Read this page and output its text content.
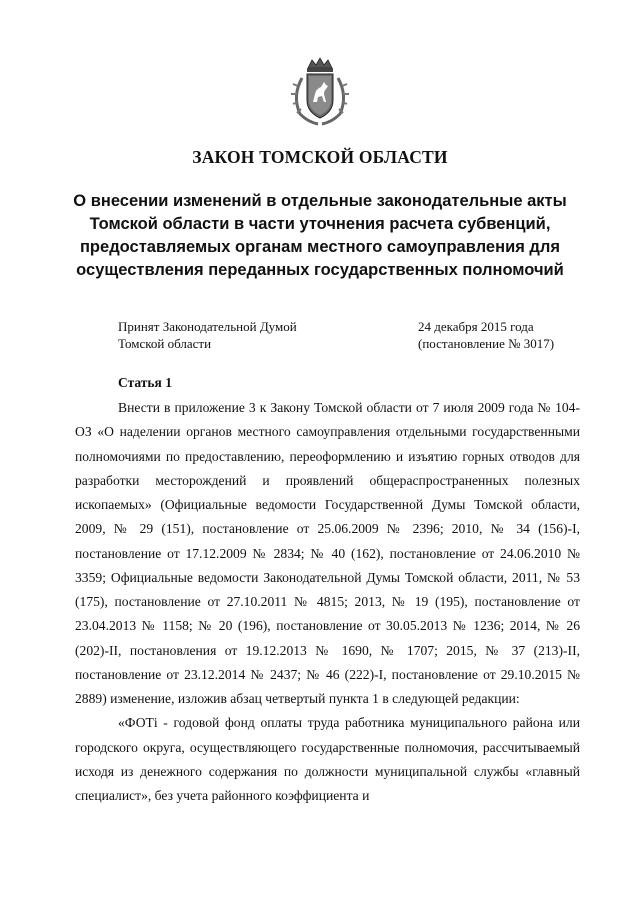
ЗАКОН ТОМСКОЙ ОБЛАСТИ
О внесении изменений в отдельные законодательные акты Томской области в части уточнения расчета субвенций, предоставляемых органам местного самоуправления для осуществления переданных государственных полномочий
Принят Законодательной Думой
Томской области
24 декабря 2015 года
(постановление № 3017)
Статья 1

Внести в приложение 3 к Закону Томской области от 7 июля 2009 года № 104-ОЗ «О наделении органов местного самоуправления отдельными государственными полномочиями по предоставлению, переоформлению и изъятию горных отводов для разработки месторождений и проявлений общераспространенных полезных ископаемых» (Официальные ведомости Государственной Думы Томской области, 2009, № 29 (151), постановление от 25.06.2009 № 2396; 2010, № 34 (156)-I, постановление от 17.12.2009 № 2834; № 40 (162), постановление от 24.06.2010 № 3359; Официальные ведомости Законодательной Думы Томской области, 2011, № 53 (175), постановление от 27.10.2011 № 4815; 2013, № 19 (195), постановление от 23.04.2013 № 1158; № 20 (196), постановление от 30.05.2013 № 1236; 2014, № 26 (202)-II, постановления от 19.12.2013 № 1690, № 1707; 2015, № 37 (213)-II, постановление от 23.12.2014 № 2437; № 46 (222)-I, постановление от 29.10.2015 № 2889) изменение, изложив абзац четвертый пункта 1 в следующей редакции:

«ФОТi - годовой фонд оплаты труда работника муниципального района или городского округа, осуществляющего государственные полномочия, рассчитываемый исходя из денежного содержания по должности муниципальной службы «главный специалист», без учета районного коэффициента и
